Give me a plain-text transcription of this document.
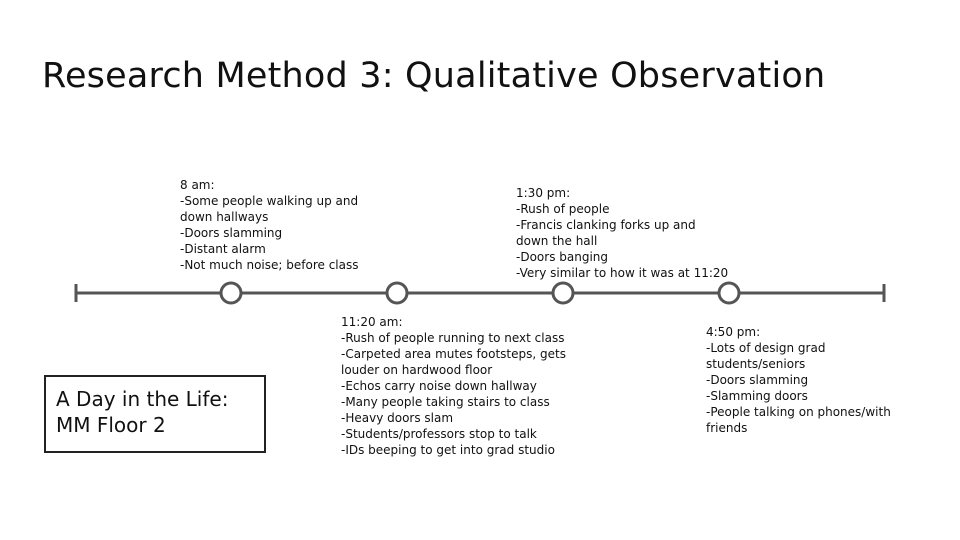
Research Method 3: Qualitative Observation
8 am:
-Some people walking up and
down hallways
-Doors slamming
-Distant alarm
-Not much noise; before class
11:20 am:
-Rush of people running to next class
-Carpeted area mutes footsteps, gets
louder on hardwood floor
-Echos carry noise down hallway
-Many people taking stairs to class
-Heavy doors slam
-Students/professors stop to talk
-IDs beeping to get into grad studio
1:30 pm:
-Rush of people
-Francis clanking forks up and
down the hall
-Doors banging
-Very similar to how it was at 11:20
4:50 pm:
-Lots of design grad
students/seniors
-Doors slamming
-Slamming doors
-People talking on phones/with
friends
A Day in the Life:
MM Floor 2
